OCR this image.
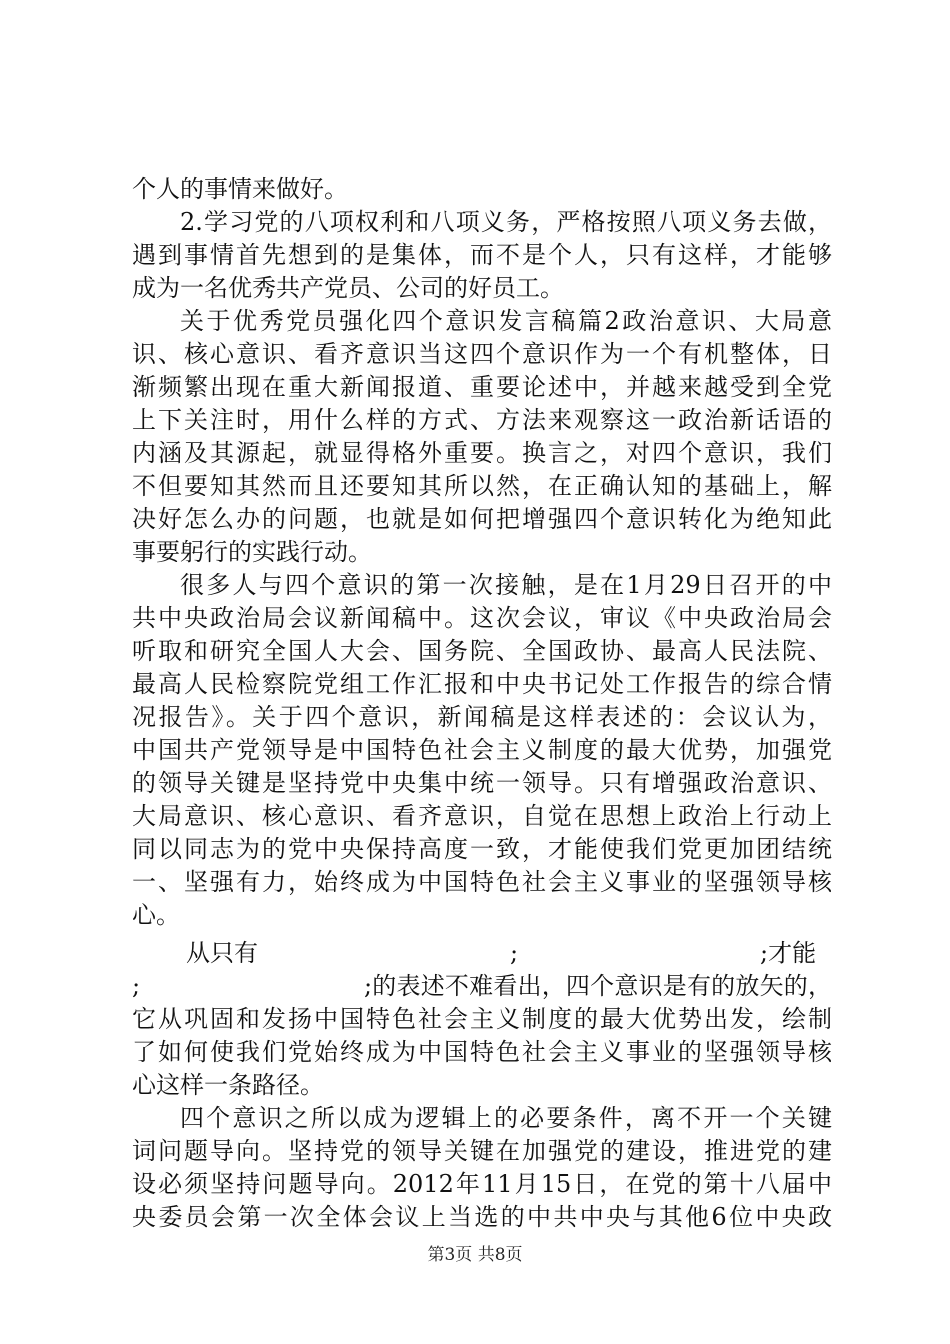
个人的事情来做好。
2.学习党的八项权利和八项义务，严格按照八项义务去做，
遇到事情首先想到的是集体，而不是个人，只有这样，才能够
成为一名优秀共产党员、公司的好员工。
关于优秀党员强化四个意识发言稿篇2政治意识、大局意
识、核心意识、看齐意识当这四个意识作为一个有机整体，日
渐频繁出现在重大新闻报道、重要论述中，并越来越受到全党
上下关注时，用什么样的方式、方法来观察这一政治新话语的
内涵及其源起，就显得格外重要。换言之，对四个意识，我们
不但要知其然而且还要知其所以然，在正确认知的基础上，解
决好怎么办的问题，也就是如何把增强四个意识转化为绝知此
事要躬行的实践行动。
很多人与四个意识的第一次接触，是在1月29日召开的中
共中央政治局会议新闻稿中。这次会议，审议《中央政治局会
听取和研究全国人大会、国务院、全国政协、最高人民法院、
最高人民检察院党组工作汇报和中央书记处工作报告的综合情
况报告》。关于四个意识，新闻稿是这样表述的：会议认为，
中国共产党领导是中国特色社会主义制度的最大优势，加强党
的领导关键是坚持党中央集中统一领导。只有增强政治意识、
大局意识、核心意识、看齐意识，自觉在思想上政治上行动上
同以同志为的党中央保持高度一致，才能使我们党更加团结统
一、坚强有力，始终成为中国特色社会主义事业的坚强领导核
心。
从只有	;	;才能
;	;的表述不难看出，四个意识是有的放矢的，
它从巩固和发扬中国特色社会主义制度的最大优势出发，绘制
了如何使我们党始终成为中国特色社会主义事业的坚强领导核
心这样一条路径。
四个意识之所以成为逻辑上的必要条件，离不开一个关键
词问题导向。坚持党的领导关键在加强党的建设，推进党的建
设必须坚持问题导向。2012年11月15日，在党的第十八届中
央委员会第一次全体会议上当选的中共中央与其他6位中央政
第3页 共8页
